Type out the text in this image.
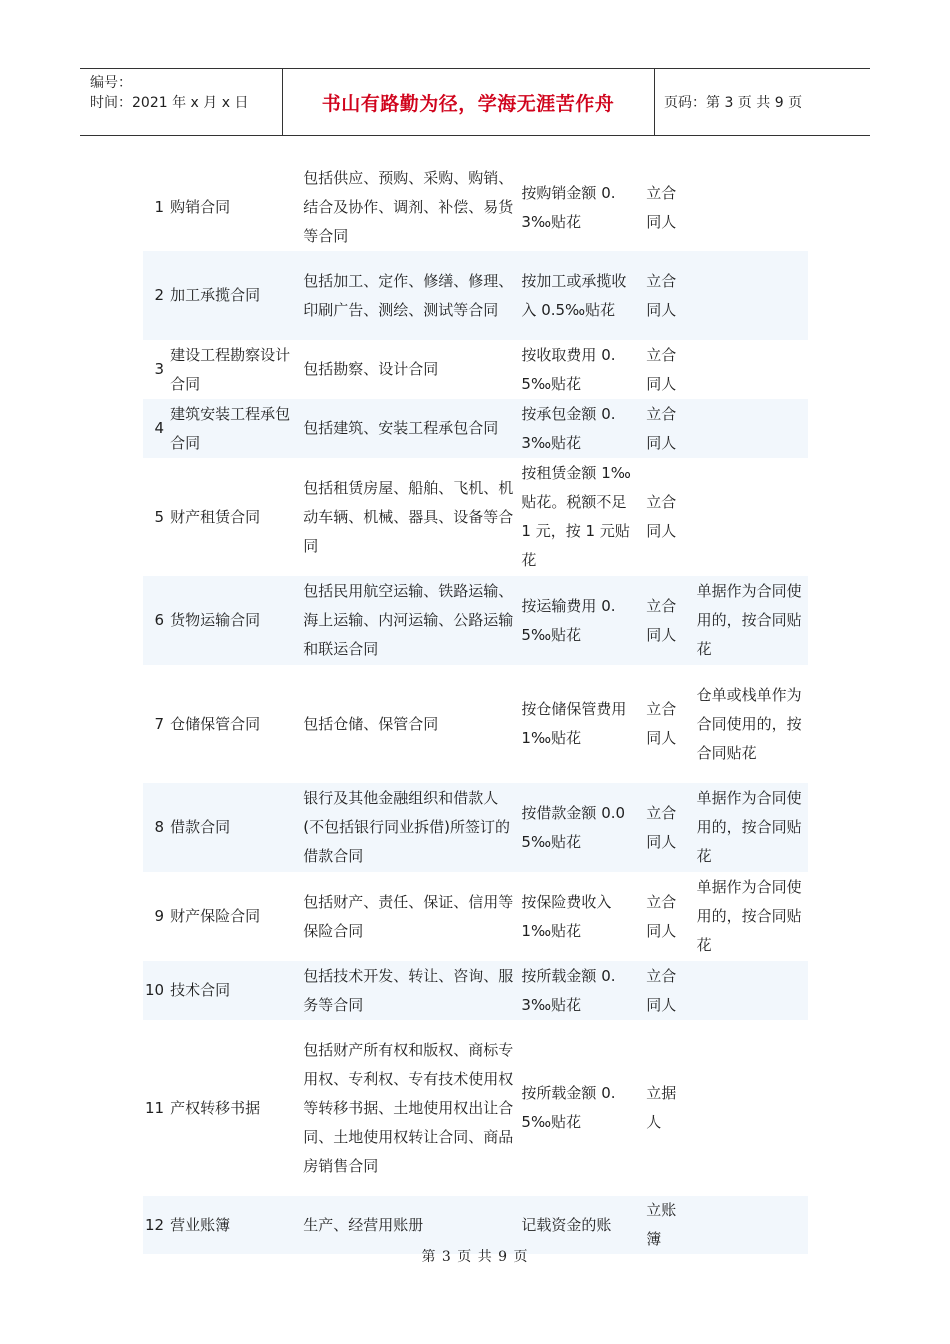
编号：
时间：2021 年 x 月 x 日	书山有路勤为径，学海无涯苦作舟	页码：第 3 页 共 9 页
1	购销合同	包括供应、预购、采购、购销、结合及协作、调剂、补偿、易货等合同	按购销金额 0.3‰贴花	立合同人	
2	加工承揽合同	包括加工、定作、修缮、修理、印刷广告、测绘、测试等合同	按加工或承揽收入 0.5‰贴花	立合同人	
3	建设工程勘察设计合同	包括勘察、设计合同	按收取费用 0.5‰贴花	立合同人	
4	建筑安装工程承包合同	包括建筑、安装工程承包合同	按承包金额 0.3‰贴花	立合同人	
5	财产租赁合同	包括租赁房屋、船舶、飞机、机动车辆、机械、器具、设备等合同	按租赁金额 1‰贴花。税额不足 1 元，按 1 元贴花	立合同人	
6	货物运输合同	包括民用航空运输、铁路运输、海上运输、内河运输、公路运输和联运合同	按运输费用 0.5‰贴花	立合同人	单据作为合同使用的，按合同贴花
7	仓储保管合同	包括仓储、保管合同	按仓储保管费用 1‰贴花	立合同人	仓单或栈单作为合同使用的，按合同贴花
8	借款合同	银行及其他金融组织和借款人(不包括银行同业拆借)所签订的借款合同	按借款金额 0.05‰贴花	立合同人	单据作为合同使用的，按合同贴花
9	财产保险合同	包括财产、责任、保证、信用等保险合同	按保险费收入 1‰贴花	立合同人	单据作为合同使用的，按合同贴花
10	技术合同	包括技术开发、转让、咨询、服务等合同	按所载金额 0.3‰贴花	立合同人	
11	产权转移书据	包括财产所有权和版权、商标专用权、专利权、专有技术使用权等转移书据、土地使用权出让合同、土地使用权转让合同、商品房销售合同	按所载金额 0.5‰贴花	立据人	
12	营业账簿	生产、经营用账册	记载资金的账	立账簿	
第 3 页 共 9 页
